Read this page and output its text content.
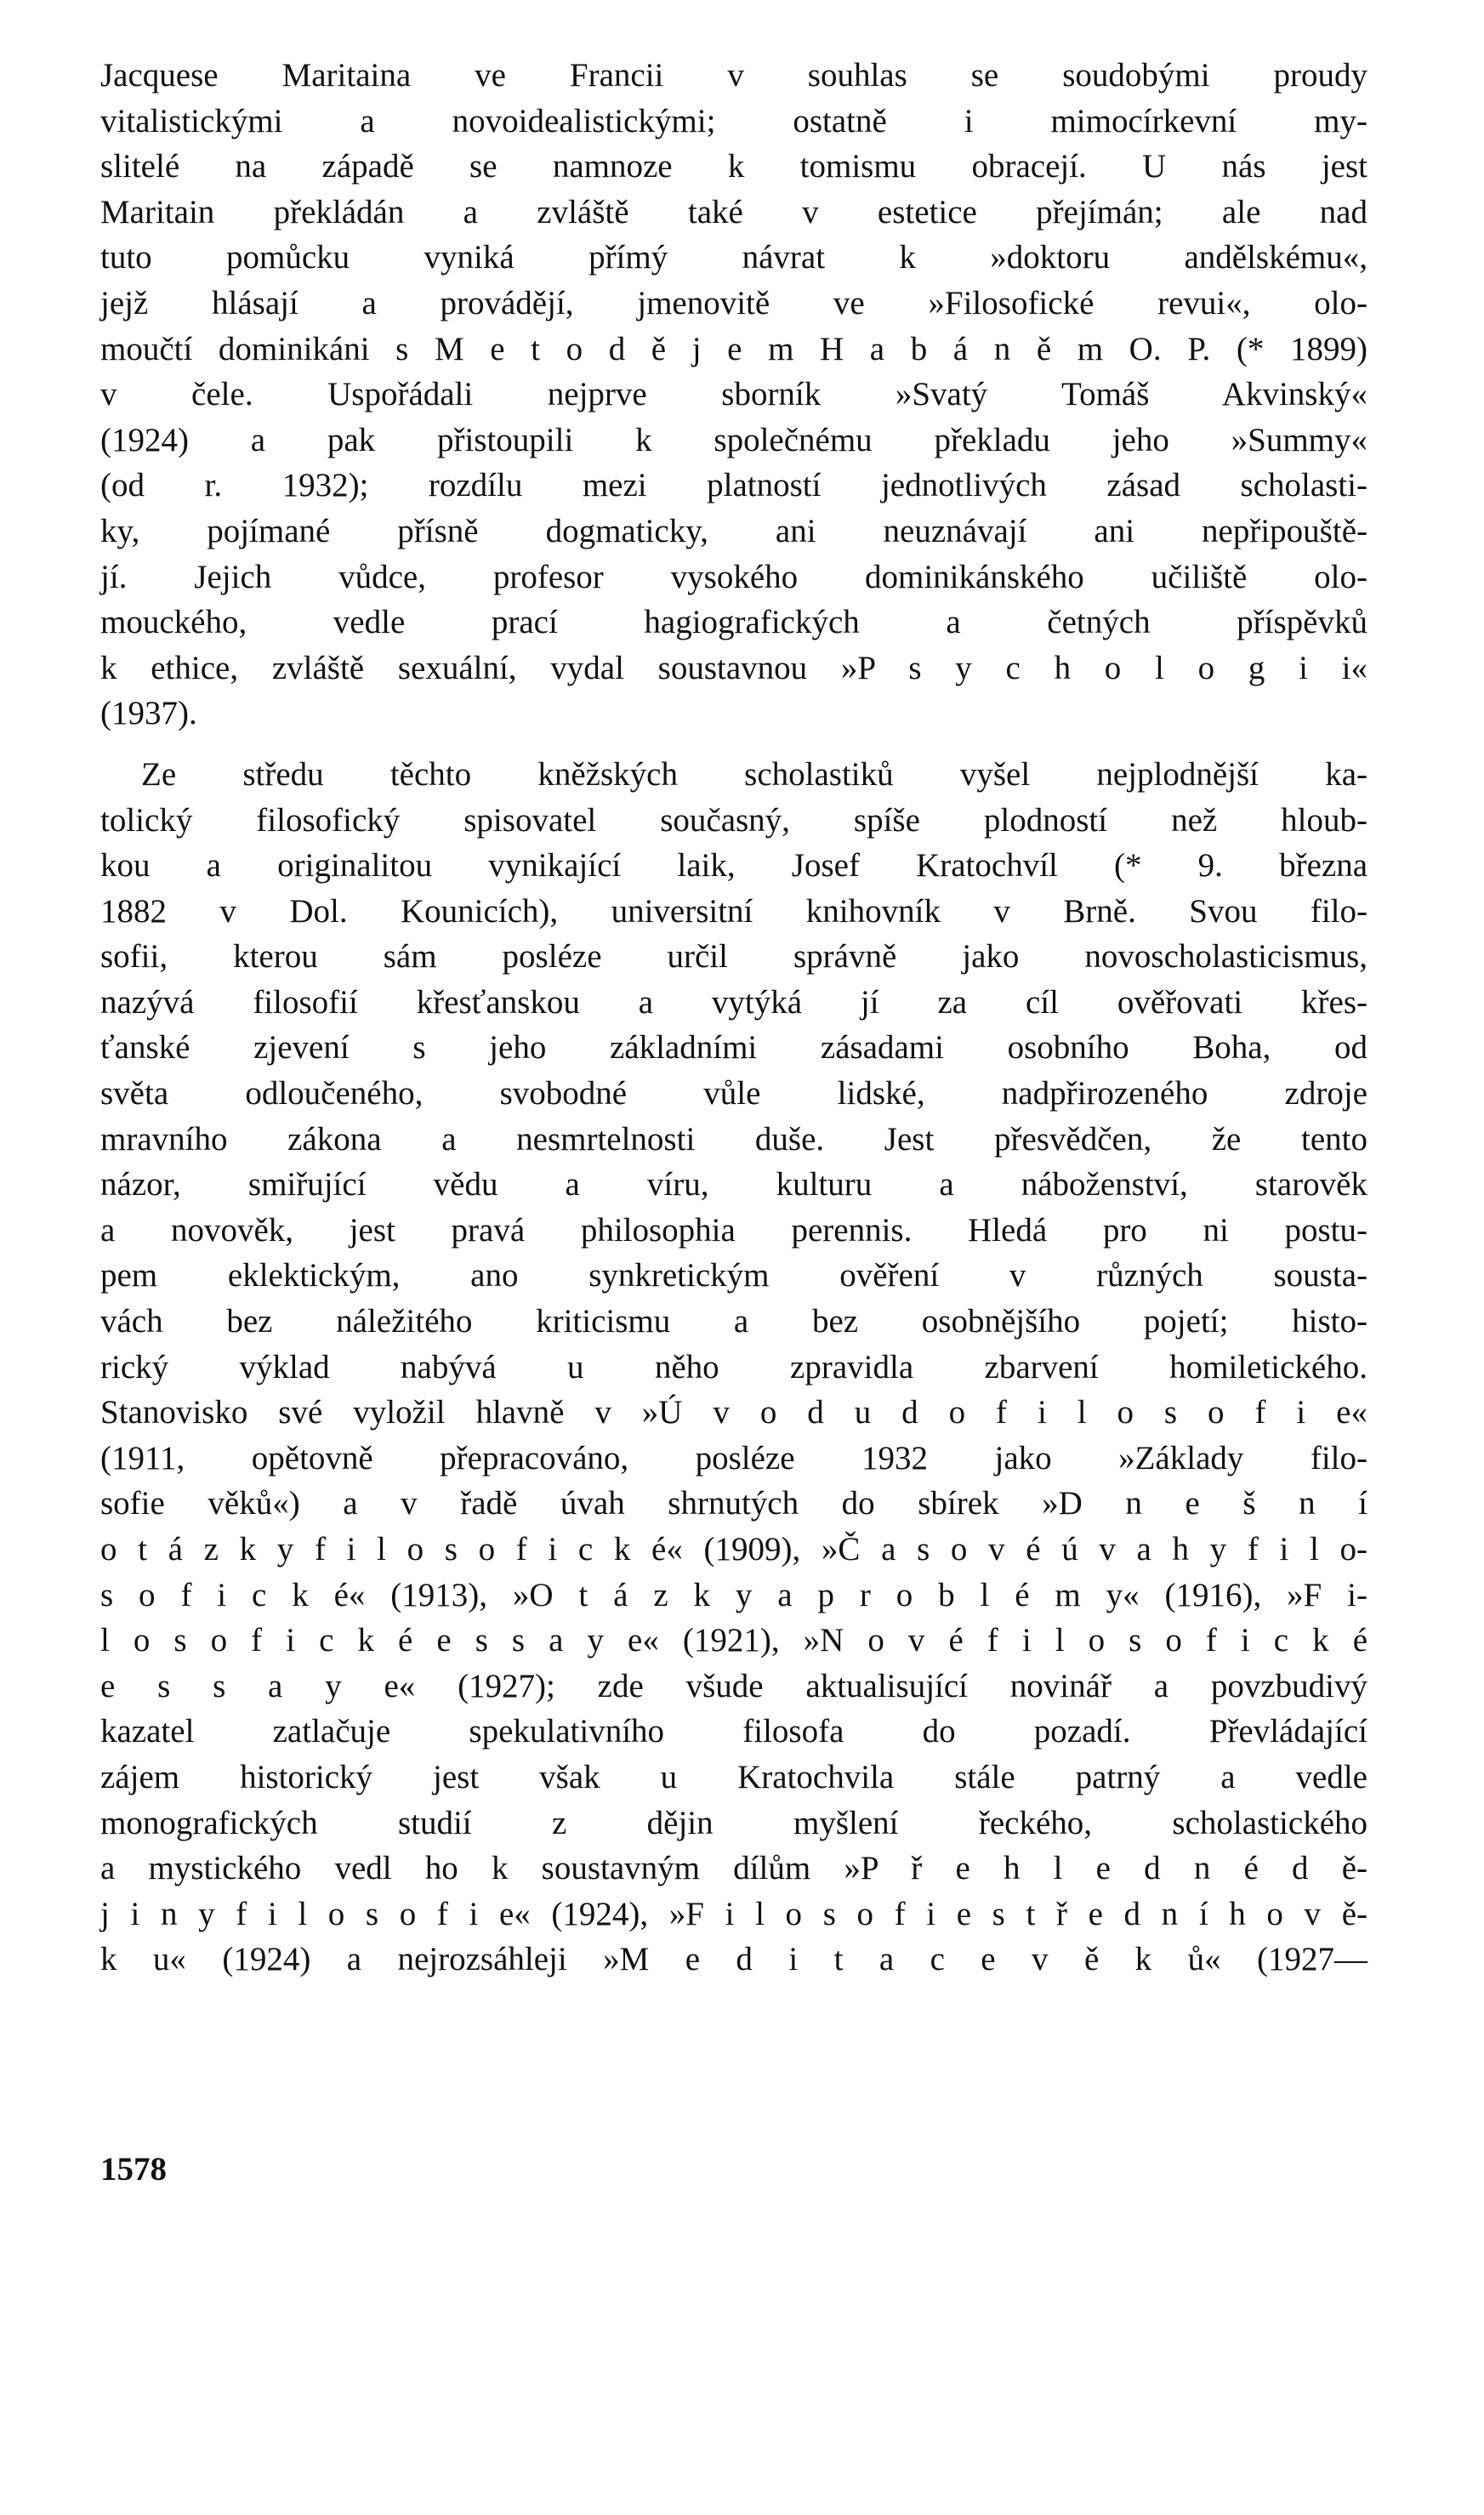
Jacquese Maritaina ve Francii v souhlas se soudobými proudy
vitalistickými a novoidealistickými; ostatně i mimocírkevní my-
slitelé na západě se namnoze k tomismu obracejí. U nás jest
Maritain překládán a zvláště také v estetice přejímán; ale nad
tuto pomůcku vyniká přímý návrat k »doktoru andělskému«,
jejž hlásají a provádějí, jmenovitě ve »Filosofické revui«, olo-
moučtí dominikáni s M e t o d ě j e m H a b á n ě m O. P. (* 1899)
v čele. Uspořádali nejprve sborník »Svatý Tomáš Akvinský«
(1924) a pak přistoupili k společnému překladu jeho »Summy«
(od r. 1932); rozdílu mezi platností jednotlivých zásad scholasti-
ky, pojímané přísně dogmaticky, ani neuznávají ani nepřipouště-
jí. Jejich vůdce, profesor vysokého dominikánského učiliště olo-
mouckého, vedle prací hagiografických a četných příspěvků
k ethice, zvláště sexuální, vydal soustavnou »P s y c h o l o g i i«
(1937).
Ze středu těchto kněžských scholastiků vyšel nejplodnější ka-
tolický filosofický spisovatel současný, spíše plodností než hloub-
kou a originalitou vynikající laik, Josef Kratochvíl (* 9. března
1882 v Dol. Kounicích), universitní knihovník v Brně. Svou filo-
sofii, kterou sám posléze určil správně jako novoscholasticismus,
nazývá filosofií křesťanskou a vytýká jí za cíl ověřovati křes-
ťanské zjevení s jeho základními zásadami osobního Boha, od
světa odloučeného, svobodné vůle lidské, nadpřirozeného zdroje
mravního zákona a nesmrtelnosti duše. Jest přesvědčen, že tento
názor, smiřující vědu a víru, kulturu a náboženství, starověk
a novověk, jest pravá philosophia perennis. Hledá pro ni postu-
pem eklektickým, ano synkretickým ověření v různých sousta-
vách bez náležitého kriticismu a bez osobnějšího pojetí; histo-
rický výklad nabývá u něho zpravidla zbarvení homiletického.
Stanovisko své vyložil hlavně v »Ú v o d u d o f i l o s o f i e«
(1911, opětovně přepracováno, posléze 1932 jako »Základy filo-
sofie věků«) a v řadě úvah shrnutých do sbírek »D n e š n í
o t á z k y f i l o s o f i c k é« (1909), »Č a s o v é ú v a h y f i l o-
s o f i c k é« (1913), »O t á z k y a p r o b l é m y« (1916), »F i-
l o s o f i c k é e s s a y e« (1921), »N o v é f i l o s o f i c k é
e s s a y e« (1927); zde všude aktualisující novinář a povzbudivý
kazatel zatlačuje spekulativního filosofa do pozadí. Převládající
zájem historický jest však u Kratochvila stále patrný a vedle
monografických studií z dějin myšlení řeckého, scholastického
a mystického vedl ho k soustavným dílům »P ř e h l e d n é d ě-
j i n y f i l o s o f i e« (1924), »F i l o s o f i e s t ř e d n í h o v ě-
k u« (1924) a nejrozsáhleji »M e d i t a c e v ě k ů« (1927—
1578
